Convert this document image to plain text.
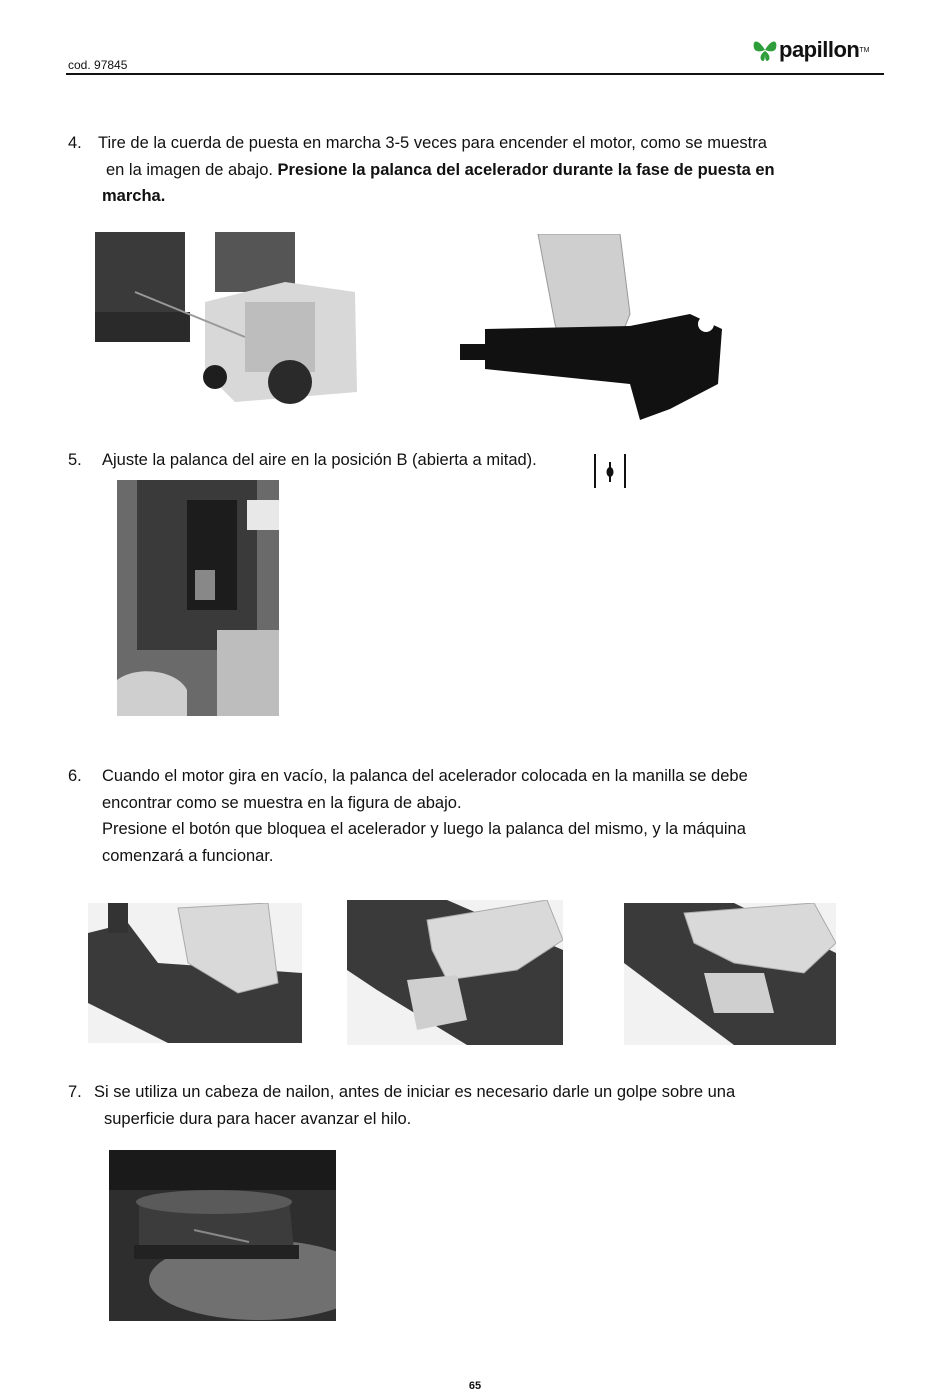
cod. 97845
papillon TM
4. Tire de la cuerda de puesta en marcha 3-5 veces para encender el motor, como se muestra

en la imagen de abajo. Presione la palanca del acelerador durante la fase de puesta en

marcha.

5.	Ajuste la palanca del aire en la posición B (abierta a mitad).

6.	Cuando el motor gira en vacío, la palanca del acelerador colocada en la manilla se debe

encontrar como se muestra en la figura de abajo.

Presione el botón que bloquea el acelerador y luego la palanca del mismo, y la máquina

comenzará a funcionar.

7. Si se utiliza un cabeza de nailon, antes de iniciar es necesario darle un golpe sobre una

superficie dura para hacer avanzar el hilo.

65
